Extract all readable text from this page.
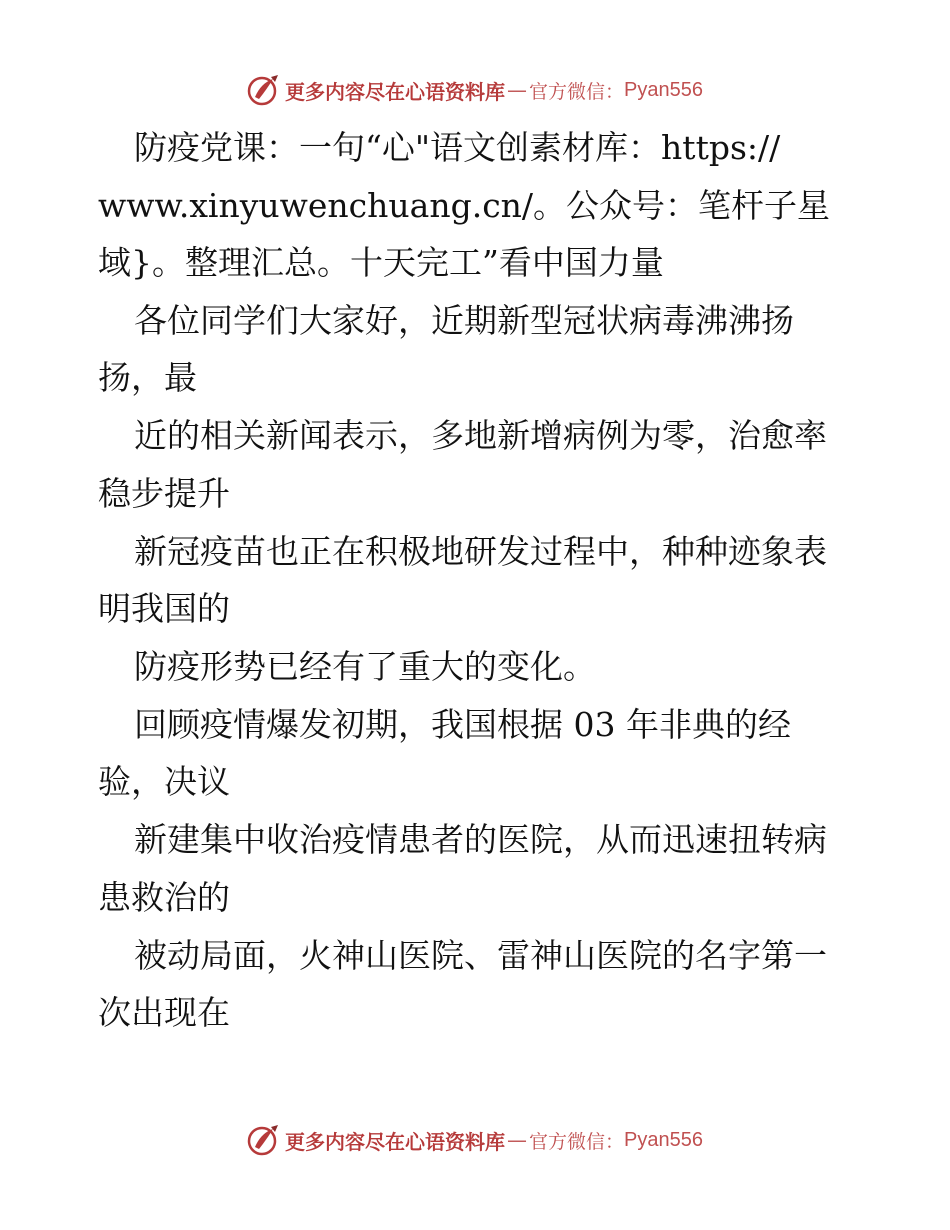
更多内容尽在心语资料库 — 官方微信： Pyan556
防疫党课：一句“心"语文创素材库：https://
www.xinyuwenchuang.cn/。公众号：笔杆子星
域}。整理汇总。十天完工”看中国力量
各位同学们大家好，近期新型冠状病毒沸沸扬
扬，最
近的相关新闻表示，多地新增病例为零，治愈率
稳步提升
新冠疫苗也正在积极地研发过程中，种种迹象表
明我国的
防疫形势已经有了重大的变化。
回顾疫情爆发初期，我国根据 03 年非典的经
验，决议
新建集中收治疫情患者的医院，从而迅速扭转病
患救治的
被动局面，火神山医院、雷神山医院的名字第一
次出现在
更多内容尽在心语资料库 — 官方微信： Pyan556
